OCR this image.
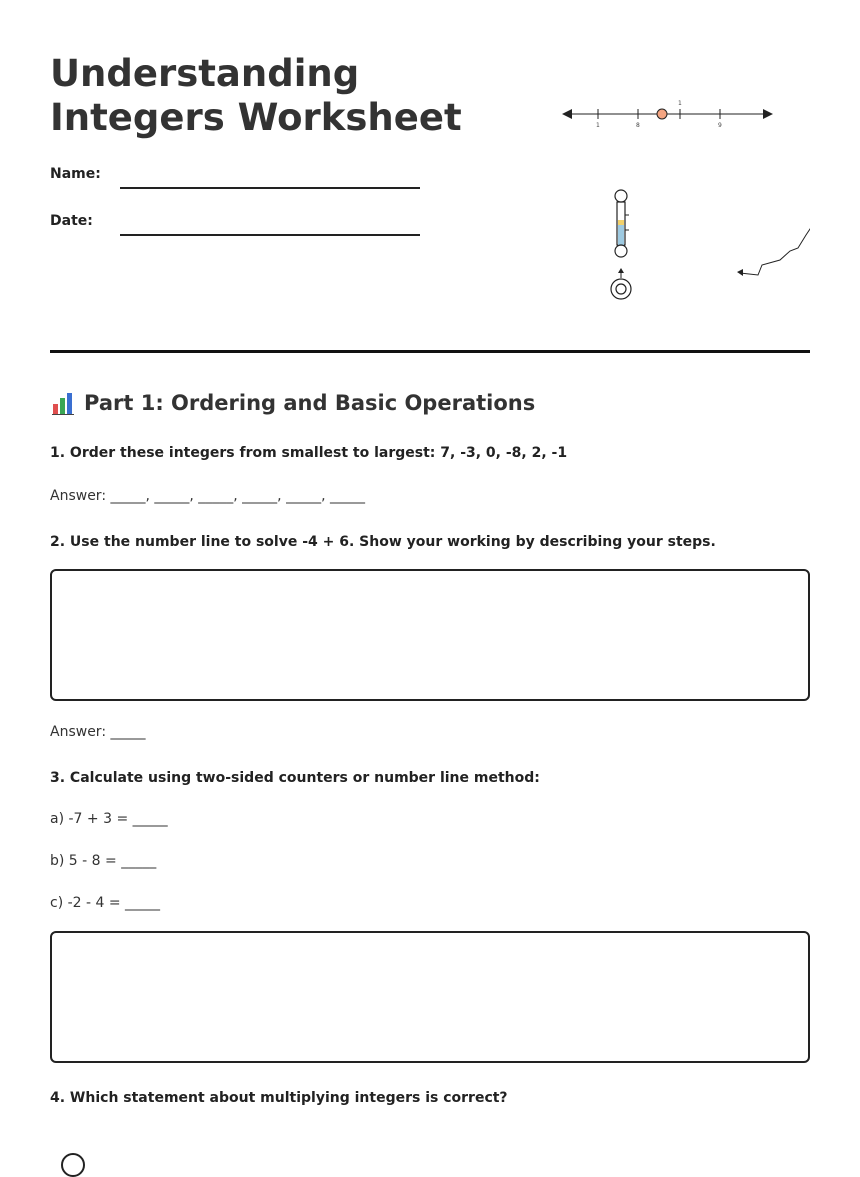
Understanding Integers Worksheet
Name:
Date:
1	8
1
9
Part 1: Ordering and Basic Operations
1. Order these integers from smallest to largest: 7, -3, 0, -8, 2, -1
Answer: _____, _____, _____, _____, _____, _____
2. Use the number line to solve -4 + 6. Show your working by describing your steps.
Answer: _____
3. Calculate using two-sided counters or number line method:
a) -7 + 3 = _____
b) 5 - 8 = _____
c) -2 - 4 = _____
4. Which statement about multiplying integers is correct?
